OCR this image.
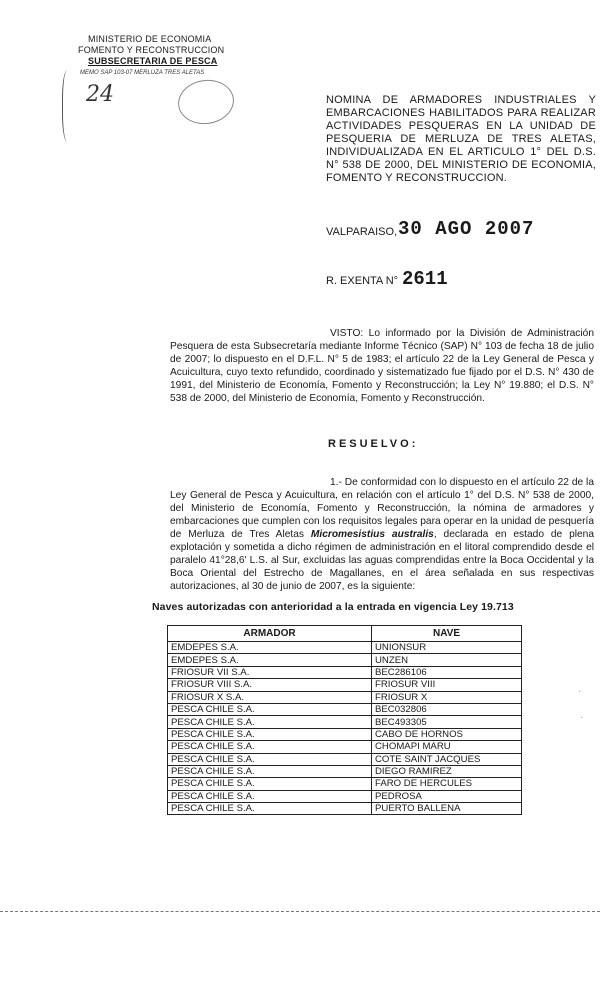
MINISTERIO DE ECONOMIA
FOMENTO Y RECONSTRUCCION
SUBSECRETARIA DE PESCA
MEMO SAP 103-07 MERLUZA TRES ALETAS
24
	NOMINA DE ARMADORES INDUSTRIALES Y EMBARCACIONES HABILITADOS PARA REALIZAR ACTIVIDADES PESQUERAS EN LA UNIDAD DE PESQUERIA DE MERLUZA DE TRES ALETAS, INDIVIDUALIZADA EN EL ARTICULO 1° DEL D.S. N° 538 DE 2000, DEL MINISTERIO DE ECONOMIA, FOMENTO Y RECONSTRUCCION.
VALPARAISO, 30 AGO 2007
R. EXENTA N° 2611
VISTO: Lo informado por la División de Administración Pesquera de esta Subsecretaría mediante Informe Técnico (SAP) N° 103 de fecha 18 de julio de 2007; lo dispuesto en el D.F.L. N° 5 de 1983; el artículo 22 de la Ley General de Pesca y Acuicultura, cuyo texto refundido, coordinado y sistematizado fue fijado por el D.S. N° 430 de 1991, del Ministerio de Economía, Fomento y Reconstrucción; la Ley N° 19.880; el D.S. N° 538 de 2000, del Ministerio de Economía, Fomento y Reconstrucción.
RESUELVO:
1.- De conformidad con lo dispuesto en el artículo 22 de la Ley General de Pesca y Acuicultura, en relación con el artículo 1° del D.S. N° 538 de 2000, del Ministerio de Economía, Fomento y Reconstrucción, la nómina de armadores y embarcaciones que cumplen con los requisitos legales para operar en la unidad de pesquería de Merluza de Tres Aletas Micromesistius australis, declarada en estado de plena explotación y sometida a dicho régimen de administración en el litoral comprendido desde el paralelo 41°28,6' L.S. al Sur, excluidas las aguas comprendidas entre la Boca Occidental y la Boca Oriental del Estrecho de Magallanes, en el área señalada en sus respectivas autorizaciones, al 30 de junio de 2007, es la siguiente:
Naves autorizadas con anterioridad a la entrada en vigencia Ley 19.713
ARMADOR	NAVE
EMDEPES S.A.	UNIONSUR
EMDEPES S.A.	UNZEN
FRIOSUR VII S.A.	BEC286106
FRIOSUR VIII S.A.	FRIOSUR VIII
FRIOSUR X S.A.	FRIOSUR X
PESCA CHILE S.A.	BEC032806
PESCA CHILE S.A.	BEC493305
PESCA CHILE S.A.	CABO DE HORNOS
PESCA CHILE S.A.	CHOMAPI MARU
PESCA CHILE S.A.	COTE SAINT JACQUES
PESCA CHILE S.A.	DIEGO RAMIREZ
PESCA CHILE S.A.	FARO DE HERCULES
PESCA CHILE S.A.	PEDROSA
PESCA CHILE S.A.	PUERTO BALLENA
·
·
